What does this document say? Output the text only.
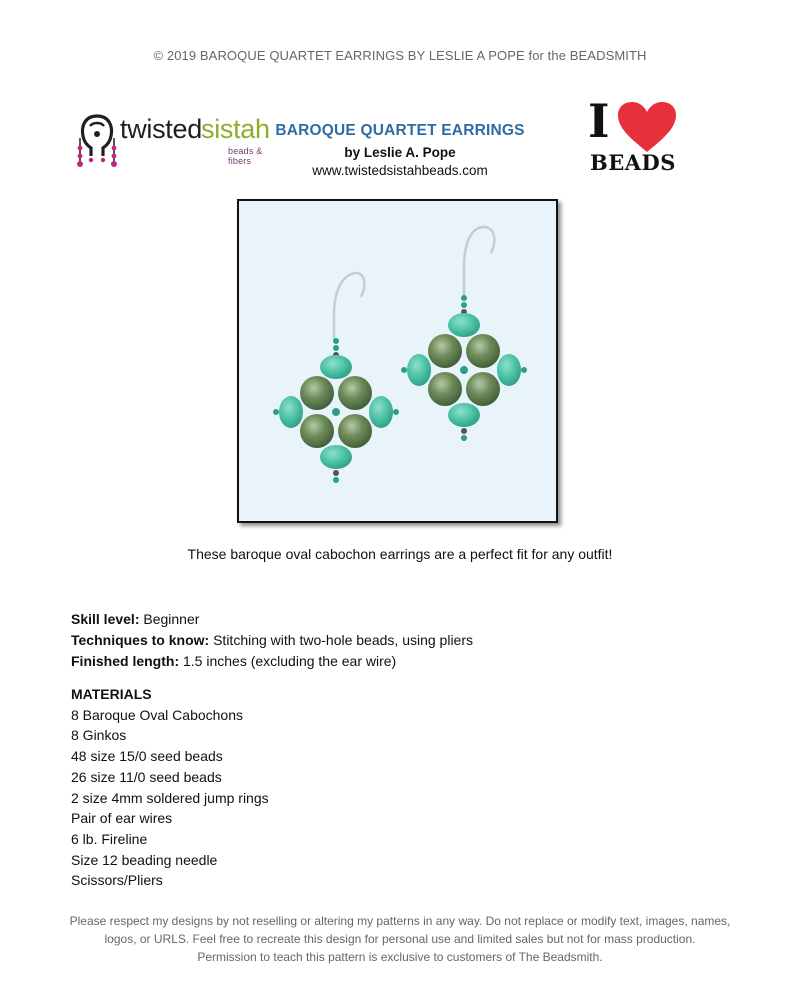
© 2019 BAROQUE QUARTET EARRINGS BY LESLIE A POPE for the BEADSMITH
twisted sistah
beads & fibers
BAROQUE QUARTET EARRINGS
by Leslie A. Pope
www.twistedsistahbeads.com
I
BEADS
These baroque oval cabochon earrings are a perfect fit for any outfit!
Skill level: Beginner
Techniques to know: Stitching with two-hole beads, using pliers
Finished length: 1.5 inches (excluding the ear wire)
MATERIALS
8 Baroque Oval Cabochons
8 Ginkos
48 size 15/0 seed beads
26 size 11/0 seed beads
2 size 4mm soldered jump rings
Pair of ear wires
6 lb. Fireline
Size 12 beading needle
Scissors/Pliers
Please respect my designs by not reselling or altering my patterns in any way. Do not replace or modify text, images, names,
logos, or URLS. Feel free to recreate this design for personal use and limited sales but not for mass production.
Permission to teach this pattern is exclusive to customers of The Beadsmith.
